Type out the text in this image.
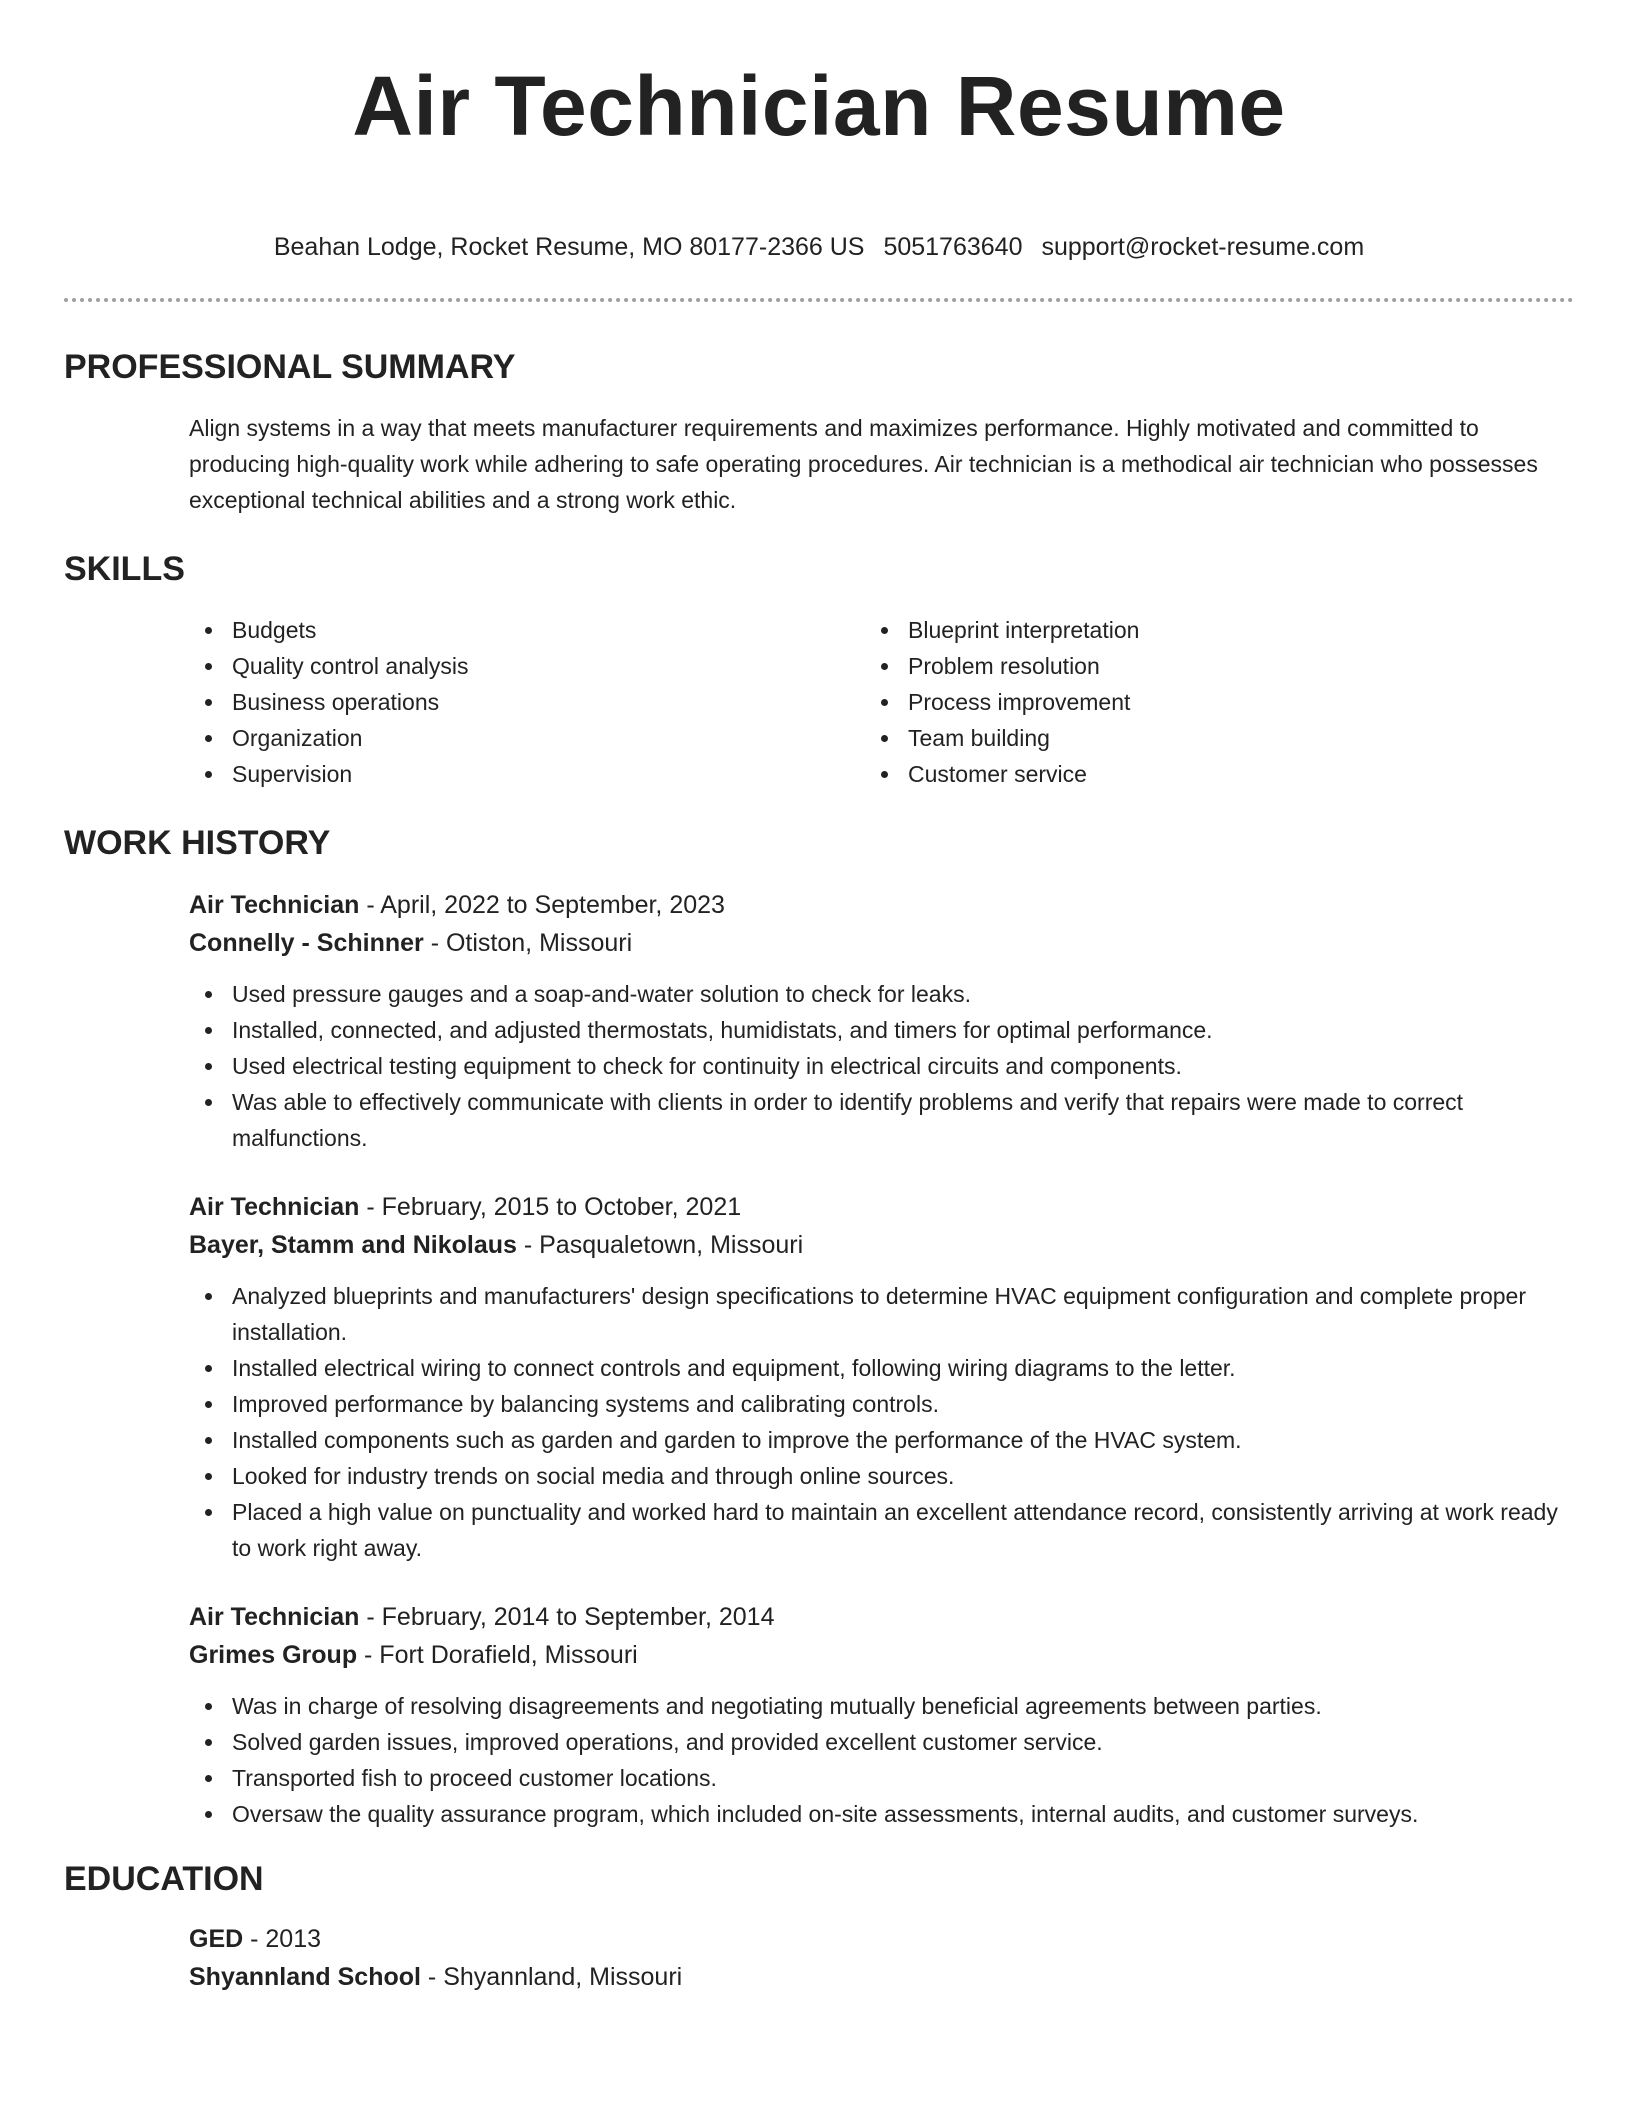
Air Technician Resume
Beahan Lodge, Rocket Resume, MO 80177-2366 US 5051763640 support@rocket-resume.com
PROFESSIONAL SUMMARY
Align systems in a way that meets manufacturer requirements and maximizes performance. Highly motivated and committed to producing high-quality work while adhering to safe operating procedures. Air technician is a methodical air technician who possesses exceptional technical abilities and a strong work ethic.
SKILLS
Budgets
Quality control analysis
Business operations
Organization
Supervision
Blueprint interpretation
Problem resolution
Process improvement
Team building
Customer service
WORK HISTORY
Air Technician - April, 2022 to September, 2023
Connelly - Schinner - Otiston, Missouri
Used pressure gauges and a soap-and-water solution to check for leaks.
Installed, connected, and adjusted thermostats, humidistats, and timers for optimal performance.
Used electrical testing equipment to check for continuity in electrical circuits and components.
Was able to effectively communicate with clients in order to identify problems and verify that repairs were made to correct malfunctions.
Air Technician - February, 2015 to October, 2021
Bayer, Stamm and Nikolaus - Pasqualetown, Missouri
Analyzed blueprints and manufacturers' design specifications to determine HVAC equipment configuration and complete proper installation.
Installed electrical wiring to connect controls and equipment, following wiring diagrams to the letter.
Improved performance by balancing systems and calibrating controls.
Installed components such as garden and garden to improve the performance of the HVAC system.
Looked for industry trends on social media and through online sources.
Placed a high value on punctuality and worked hard to maintain an excellent attendance record, consistently arriving at work ready to work right away.
Air Technician - February, 2014 to September, 2014
Grimes Group - Fort Dorafield, Missouri
Was in charge of resolving disagreements and negotiating mutually beneficial agreements between parties.
Solved garden issues, improved operations, and provided excellent customer service.
Transported fish to proceed customer locations.
Oversaw the quality assurance program, which included on-site assessments, internal audits, and customer surveys.
EDUCATION
GED - 2013
Shyannland School - Shyannland, Missouri
